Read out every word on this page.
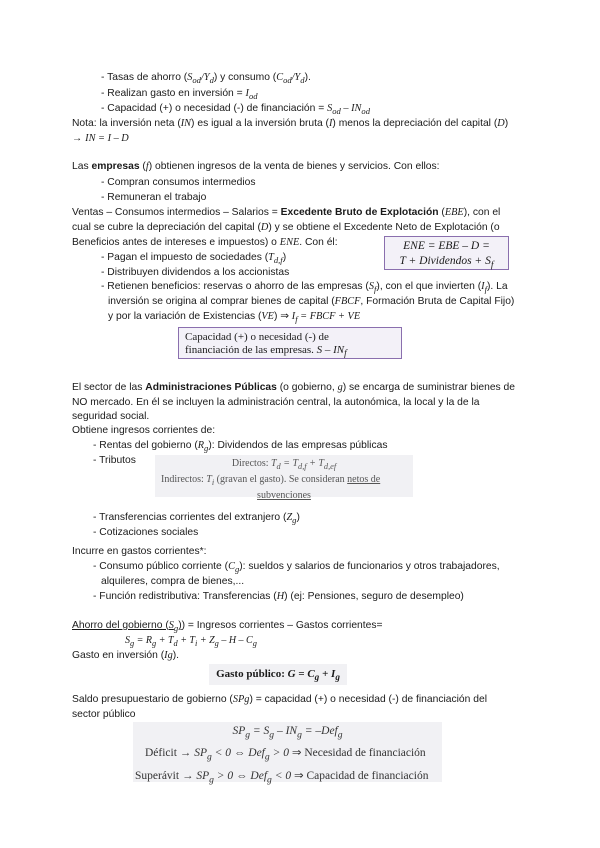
- Tasas de ahorro $(S_{od}/Y_d)$ y consumo $(C_{od}/Y_d)$.
- Realizan gasto en inversión = $I_{od}$
- Capacidad (+) o necesidad (-) de financiación = $S_{od} - IN_{od}$
Nota: la inversión neta (IN) es igual a la inversión bruta (I) menos la depreciación del capital (D)
→ IN = I – D
Las empresas (f) obtienen ingresos de la venta de bienes y servicios. Con ellos:
- Compran consumos intermedios
- Remuneran el trabajo
Ventas – Consumos intermedios – Salarios = Excedente Bruto de Explotación (EBE), con el
cual se cubre la depreciación del capital (D) y se obtiene el Excedente Neto de Explotación (o
Beneficios antes de intereses e impuestos) o ENE. Con él:	ENE = EBE – D =
T + Dividendos + $S_f$
- Pagan el impuesto de sociedades $(T_{d,f})$
- Distribuyen dividendos a los accionistas
- Retienen beneficios: reservas o ahorro de las empresas $(S_f)$, con el que invierten $(I_f)$. La
inversión se origina al comprar bienes de capital (FBCF, Formación Bruta de Capital Fijo)
y por la variación de Existencias (VE) ⇒ $I_f$ = FBCF + VE
Capacidad (+) o necesidad (-) de
financiación de las empresas. S – $IN_f$
El sector de las Administraciones Públicas (o gobierno, g) se encarga de suministrar bienes de
NO mercado. En él se incluyen la administración central, la autonómica, la local y la de la
seguridad social.
Obtiene ingresos corrientes de:
- Rentas del gobierno $(R_g)$: Dividendos de las empresas públicas
- Tributos	Directos: $T_d = T_{d,f} + T_{d,ef}$
Indirectos: $T_i$ (gravan el gasto). Se consideran netos de
subvenciones
- Transferencias corrientes del extranjero $(Z_g)$
- Cotizaciones sociales
Incurre en gastos corrientes*:
- Consumo público corriente $(C_g)$: sueldos y salarios de funcionarios y otros trabajadores,
alquileres, compra de bienes,...
- Función redistributiva: Transferencias (H) (ej: Pensiones, seguro de desempleo)
Ahorro del gobierno $(S_g)$) = Ingresos corrientes – Gastos corrientes=
$S_g = R_g + T_d + T_i + Z_g - H - C_g$
Gasto en inversión (Ig).
Gasto público: $G = C_g + I_g$
Saldo presupuestario de gobierno (SPg) = capacidad (+) o necesidad (-) de financiación del
sector público
$SP_g = S_g - IN_g = -Def_g$
Déficit → $SP_g < 0$ ⇔ Def$_g$ > 0 ⇒ Necesidad de financiación
Superávit → $SP_g > 0$ ⇔ Def$_g$ < 0 ⇒ Capacidad de financiación
